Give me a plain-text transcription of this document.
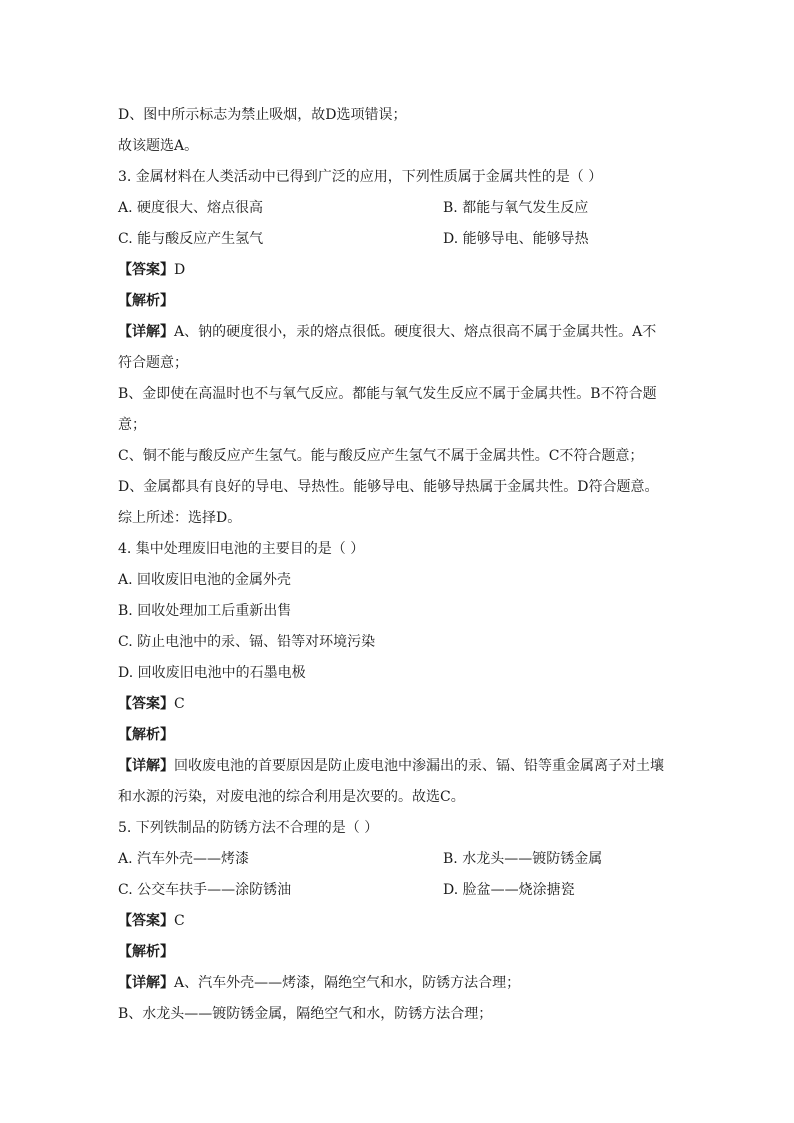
D、图中所示标志为禁止吸烟，故D选项错误；
故该题选A。
3. 金属材料在人类活动中已得到广泛的应用，下列性质属于金属共性的是（ ）
A. 硬度很大、熔点很高	B. 都能与氧气发生反应
C. 能与酸反应产生氢气	D. 能够导电、能够导热
【答案】D
【解析】
【详解】A、钠的硬度很小，汞的熔点很低。硬度很大、熔点很高不属于金属共性。A不符合题意；
B、金即使在高温时也不与氧气反应。都能与氧气发生反应不属于金属共性。B不符合题意；
C、铜不能与酸反应产生氢气。能与酸反应产生氢气不属于金属共性。C不符合题意；
D、金属都具有良好的导电、导热性。能够导电、能够导热属于金属共性。D符合题意。
综上所述：选择D。
4. 集中处理废旧电池的主要目的是（ ）
A. 回收废旧电池的金属外壳
B. 回收处理加工后重新出售
C. 防止电池中的汞、镉、铅等对环境污染
D. 回收废旧电池中的石墨电极
【答案】C
【解析】
【详解】回收废电池的首要原因是防止废电池中渗漏出的汞、镉、铅等重金属离子对土壤和水源的污染，对废电池的综合利用是次要的。故选C。
5. 下列铁制品的防锈方法不合理的是（ ）
A. 汽车外壳——烤漆	B. 水龙头——镀防锈金属
C. 公交车扶手——涂防锈油	D. 脸盆——烧涂搪瓷
【答案】C
【解析】
【详解】A、汽车外壳——烤漆，隔绝空气和水，防锈方法合理；
B、水龙头——镀防锈金属，隔绝空气和水，防锈方法合理；
